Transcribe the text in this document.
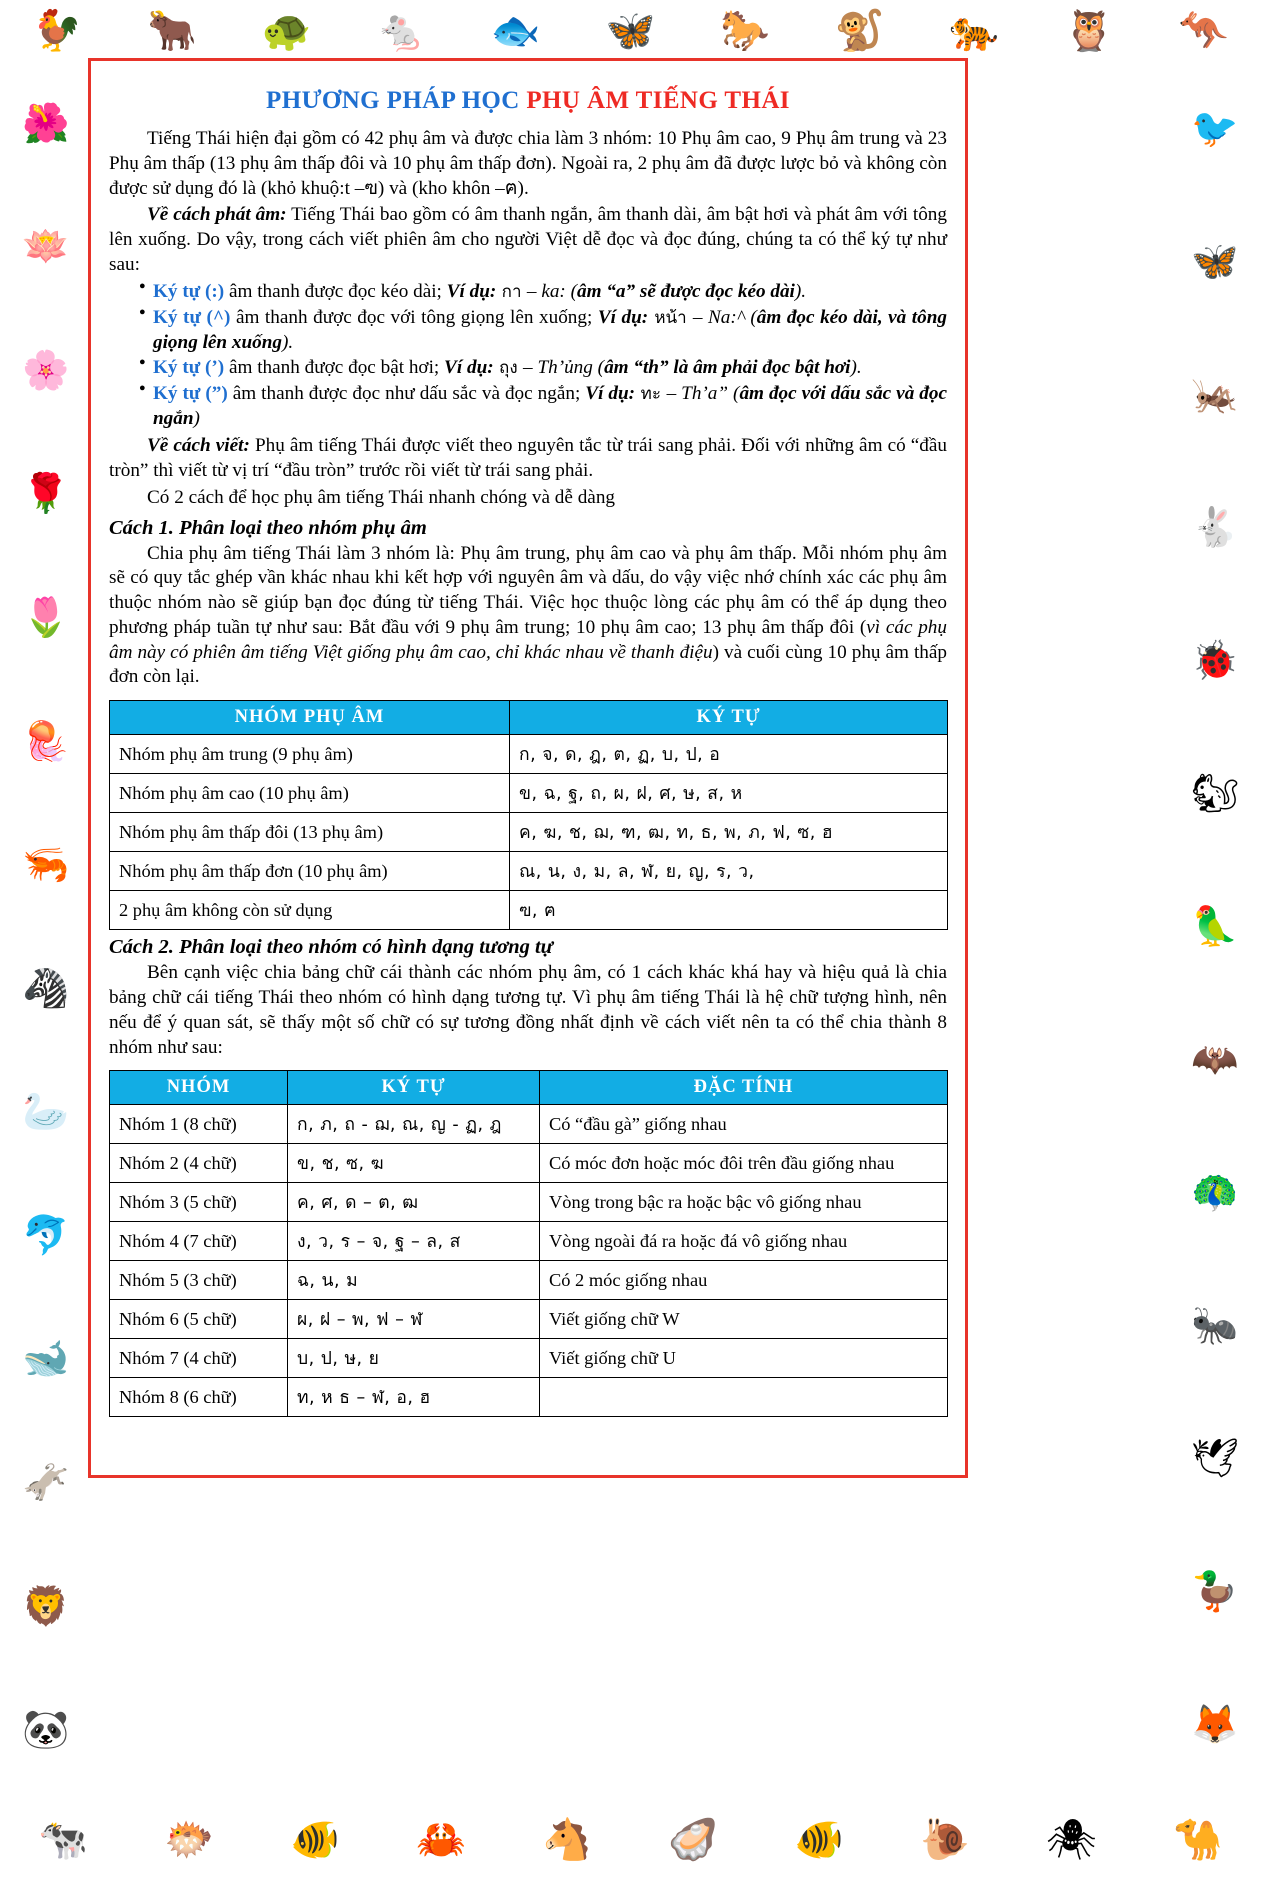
🐓 🐂 🐢 🐁 🐟 🦋 🐎 🐒 🐅 🦉 🦘
🌺
🪷
🌸
🌹
🌷
🪼
🦐
🦓
🦢
🐬
🐋
🫏
🦁
🐼
🐦
🦋
🦗
🐇
🐞
🐿
🦜
🦇
🦚
🐜
🕊
🦆
🦊
🐄 🐡 🐠 🦀 🐴 🦪 🐠 🐌 🕷 🐪
PHƯƠNG PHÁP HỌC PHỤ ÂM TIẾNG THÁI

Tiếng Thái hiện đại gồm có 42 phụ âm và được chia làm 3 nhóm: 10 Phụ âm cao, 9 Phụ âm trung và 23 Phụ âm thấp (13 phụ âm thấp đôi và 10 phụ âm thấp đơn). Ngoài ra, 2 phụ âm đã được lược bỏ và không còn được sử dụng đó là (khỏ khuộ:t –ฃ) và (kho khôn –ฅ).

Về cách phát âm: Tiếng Thái bao gồm có âm thanh ngắn, âm thanh dài, âm bật hơi và phát âm với tông lên xuống. Do vậy, trong cách viết phiên âm cho người Việt dễ đọc và đọc đúng, chúng ta có thể ký tự như sau:

● Ký tự (:) âm thanh được đọc kéo dài; Ví dụ: กา – ka: (âm “a” sẽ được đọc kéo dài).
● Ký tự (^) âm thanh được đọc với tông giọng lên xuống; Ví dụ: หน้า – Na:^ (âm đọc kéo dài, và tông giọng lên xuống).
● Ký tự (’) âm thanh được đọc bật hơi; Ví dụ: ถุง – Th’ủng (âm “th” là âm phải đọc bật hơi).
● Ký tự (”) âm thanh được đọc như dấu sắc và đọc ngắn; Ví dụ: ทะ – Th’a” (âm đọc với dấu sắc và đọc ngắn)

Về cách viết: Phụ âm tiếng Thái được viết theo nguyên tắc từ trái sang phải. Đối với những âm có “đầu tròn” thì viết từ vị trí “đầu tròn” trước rồi viết từ trái sang phải.

Có 2 cách để học phụ âm tiếng Thái nhanh chóng và dễ dàng

Cách 1. Phân loại theo nhóm phụ âm

Chia phụ âm tiếng Thái làm 3 nhóm là: Phụ âm trung, phụ âm cao và phụ âm thấp. Mỗi nhóm phụ âm sẽ có quy tắc ghép vần khác nhau khi kết hợp với nguyên âm và dấu, do vậy việc nhớ chính xác các phụ âm thuộc nhóm nào sẽ giúp bạn đọc đúng từ tiếng Thái. Việc học thuộc lòng các phụ âm có thể áp dụng theo phương pháp tuần tự như sau: Bắt đầu với 9 phụ âm trung; 10 phụ âm cao; 13 phụ âm thấp đôi (vì các phụ âm này có phiên âm tiếng Việt giống phụ âm cao, chỉ khác nhau về thanh điệu) và cuối cùng 10 phụ âm thấp đơn còn lại.

NHÓM PHỤ ÂM	KÝ TỰ
Nhóm phụ âm trung (9 phụ âm)	ก, จ, ด, ฎ, ต, ฏ, บ, ป, อ
Nhóm phụ âm cao (10 phụ âm)	ข, ฉ, ฐ, ถ, ผ, ฝ, ศ, ษ, ส, ห
Nhóm phụ âm thấp đôi (13 phụ âm)	ค, ฆ, ช, ฌ, ฑ, ฒ, ท, ธ, พ, ภ, ฟ, ซ, ฮ
Nhóm phụ âm thấp đơn (10 phụ âm)	ณ, น, ง, ม, ล, ฬ, ย, ญ, ร, ว,
2 phụ âm không còn sử dụng	ฃ, ฅ
Cách 2. Phân loại theo nhóm có hình dạng tương tự

Bên cạnh việc chia bảng chữ cái thành các nhóm phụ âm, có 1 cách khác khá hay và hiệu quả là chia bảng chữ cái tiếng Thái theo nhóm có hình dạng tương tự. Vì phụ âm tiếng Thái là hệ chữ tượng hình, nên nếu để ý quan sát, sẽ thấy một số chữ có sự tương đồng nhất định về cách viết nên ta có thể chia thành 8 nhóm như sau:

NHÓM	KÝ TỰ	ĐẶC TÍNH
Nhóm 1 (8 chữ)	ก, ภ, ถ - ฌ, ณ, ญ - ฏ, ฎ	Có “đầu gà” giống nhau
Nhóm 2 (4 chữ)	ข, ช, ซ, ฆ	Có móc đơn hoặc móc đôi trên đầu giống nhau
Nhóm 3 (5 chữ)	ค, ศ, ด – ต, ฒ	Vòng trong bậc ra hoặc bậc vô giống nhau
Nhóm 4 (7 chữ)	ง, ว, ร – จ, ฐ – ล, ส	Vòng ngoài đá ra hoặc đá vô giống nhau
Nhóm 5 (3 chữ)	ฉ, น, ม	Có 2 móc giống nhau
Nhóm 6 (5 chữ)	ผ, ฝ – พ, ฟ – ฬ	Viết giống chữ W
Nhóm 7 (4 chữ)	บ, ป, ษ, ย	Viết giống chữ U
Nhóm 8 (6 chữ)	ท, ห ธ – ฬ, อ, ฮ	
